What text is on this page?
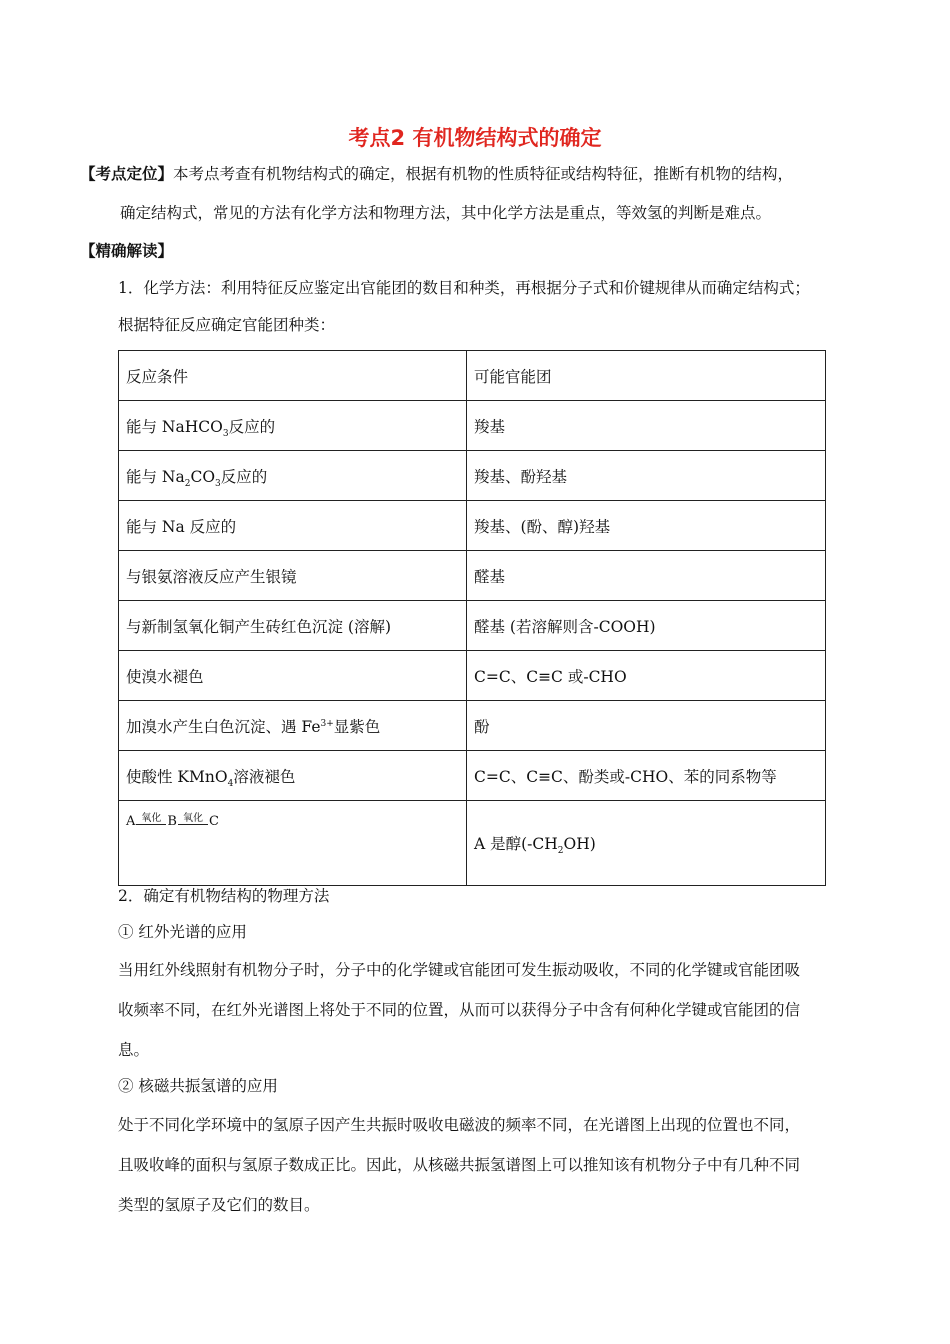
考点2 有机物结构式的确定
【考点定位】本考点考查有机物结构式的确定，根据有机物的性质特征或结构特征，推断有机物的结构，
确定结构式，常见的方法有化学方法和物理方法，其中化学方法是重点，等效氢的判断是难点。
【精确解读】
1．化学方法：利用特征反应鉴定出官能团的数目和种类，再根据分子式和价键规律从而确定结构式；
根据特征反应确定官能团种类：
反应条件	可能官能团
能与 NaHCO$_3$反应的	羧基
能与 $Na_2CO_3$反应的	羧基、酚羟基
能与 Na 反应的	羧基、(酚、醇)羟基
与银氨溶液反应产生银镜	醛基
与新制氢氧化铜产生砖红色沉淀 (溶解)	醛基 (若溶解则含-COOH)
使溴水褪色	C=C、C≡C 或-CHO
加溴水产生白色沉淀、遇 $Fe^{3+}$显紫色	酚
使酸性 KMnO$_4$溶液褪色	C=C、C≡C、酚类或-CHO、苯的同系物等

A 氧化 B 氧化 C	A 是醇$(-CH_2OH)$
2．确定有机物结构的物理方法
① 红外光谱的应用
当用红外线照射有机物分子时，分子中的化学键或官能团可发生振动吸收，不同的化学键或官能团吸
收频率不同，在红外光谱图上将处于不同的位置，从而可以获得分子中含有何种化学键或官能团的信
息。
② 核磁共振氢谱的应用
处于不同化学环境中的氢原子因产生共振时吸收电磁波的频率不同，在光谱图上出现的位置也不同，
且吸收峰的面积与氢原子数成正比。因此，从核磁共振氢谱图上可以推知该有机物分子中有几种不同
类型的氢原子及它们的数目。
